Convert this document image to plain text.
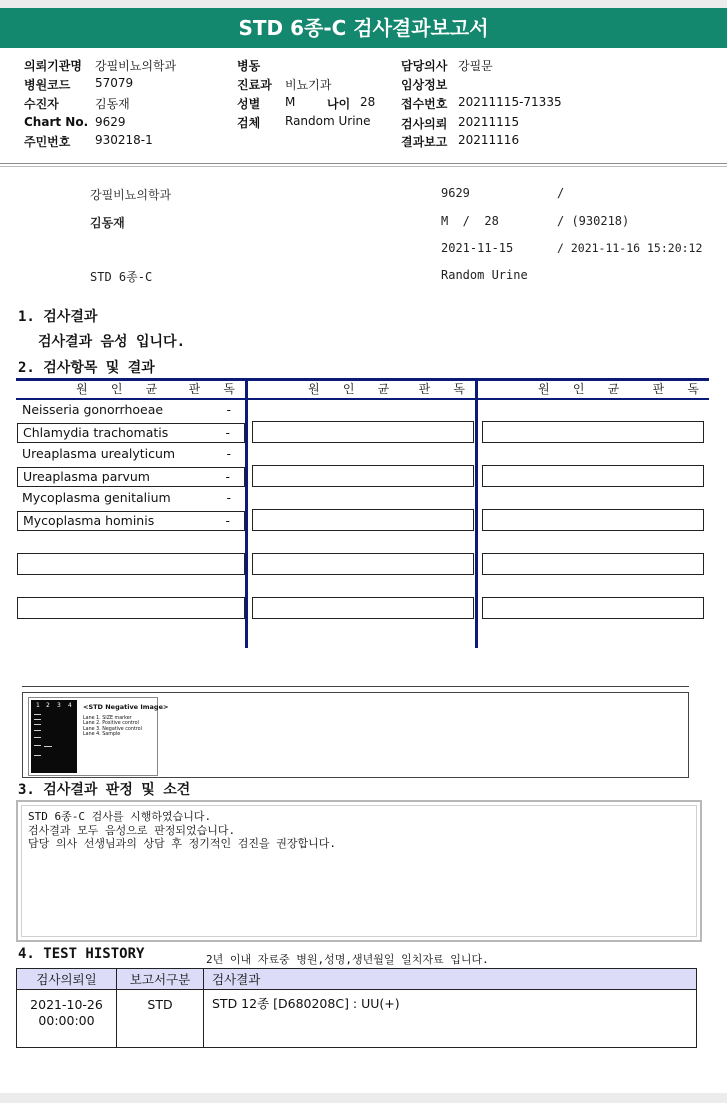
STD 6종-C 검사결과보고서
의뢰기관명 강필비뇨의학과
병원코드 57079
수진자	김동재
Chart No. 9629
주민번호 930218-1
병동
진료과 비뇨기과
성별 M	나이 28
검체 Random Urine
담당의사 강필문
임상정보
접수번호 20211115-71335
검사의뢰 20211115
결과보고 20211116
강필비뇨의학과	9629	/
김동재	M  /  28	/ (930218)
2021-11-15	/ 2021-11-16 15:20:12
STD 6종-C	Random Urine
1. 검사결과
검사결과 음성 입니다.
2. 검사항목 및 결과
원 인 균 판 독	원 인 균 판 독	원 인 균 판 독
Neisseria gonorrhoeae	-
Chlamydia trachomatis	-
Ureaplasma urealyticum	-
Ureaplasma parvum	-
Mycoplasma genitalium	-
Mycoplasma hominis	-
1 2 3 4 <STD Negative Image>
Lane 1. SIZE marker
Lane 2. Positive control
Lane 3. Negative control
Lane 4. Sample
3. 검사결과 판정 및 소견
STD 6종-C 검사를 시행하였습니다.
검사결과 모두 음성으로 판정되었습니다.
담당 의사 선생님과의 상담 후 정기적인 검진을 권장합니다.
4. TEST HISTORY	2년 이내 자료중 병원,성명,생년월일 일치자료 입니다.
검사의뢰일	보고서구분	검사결과

2021-10-26
00:00:00	STD	STD 12종 [D680208C] : UU(+)
